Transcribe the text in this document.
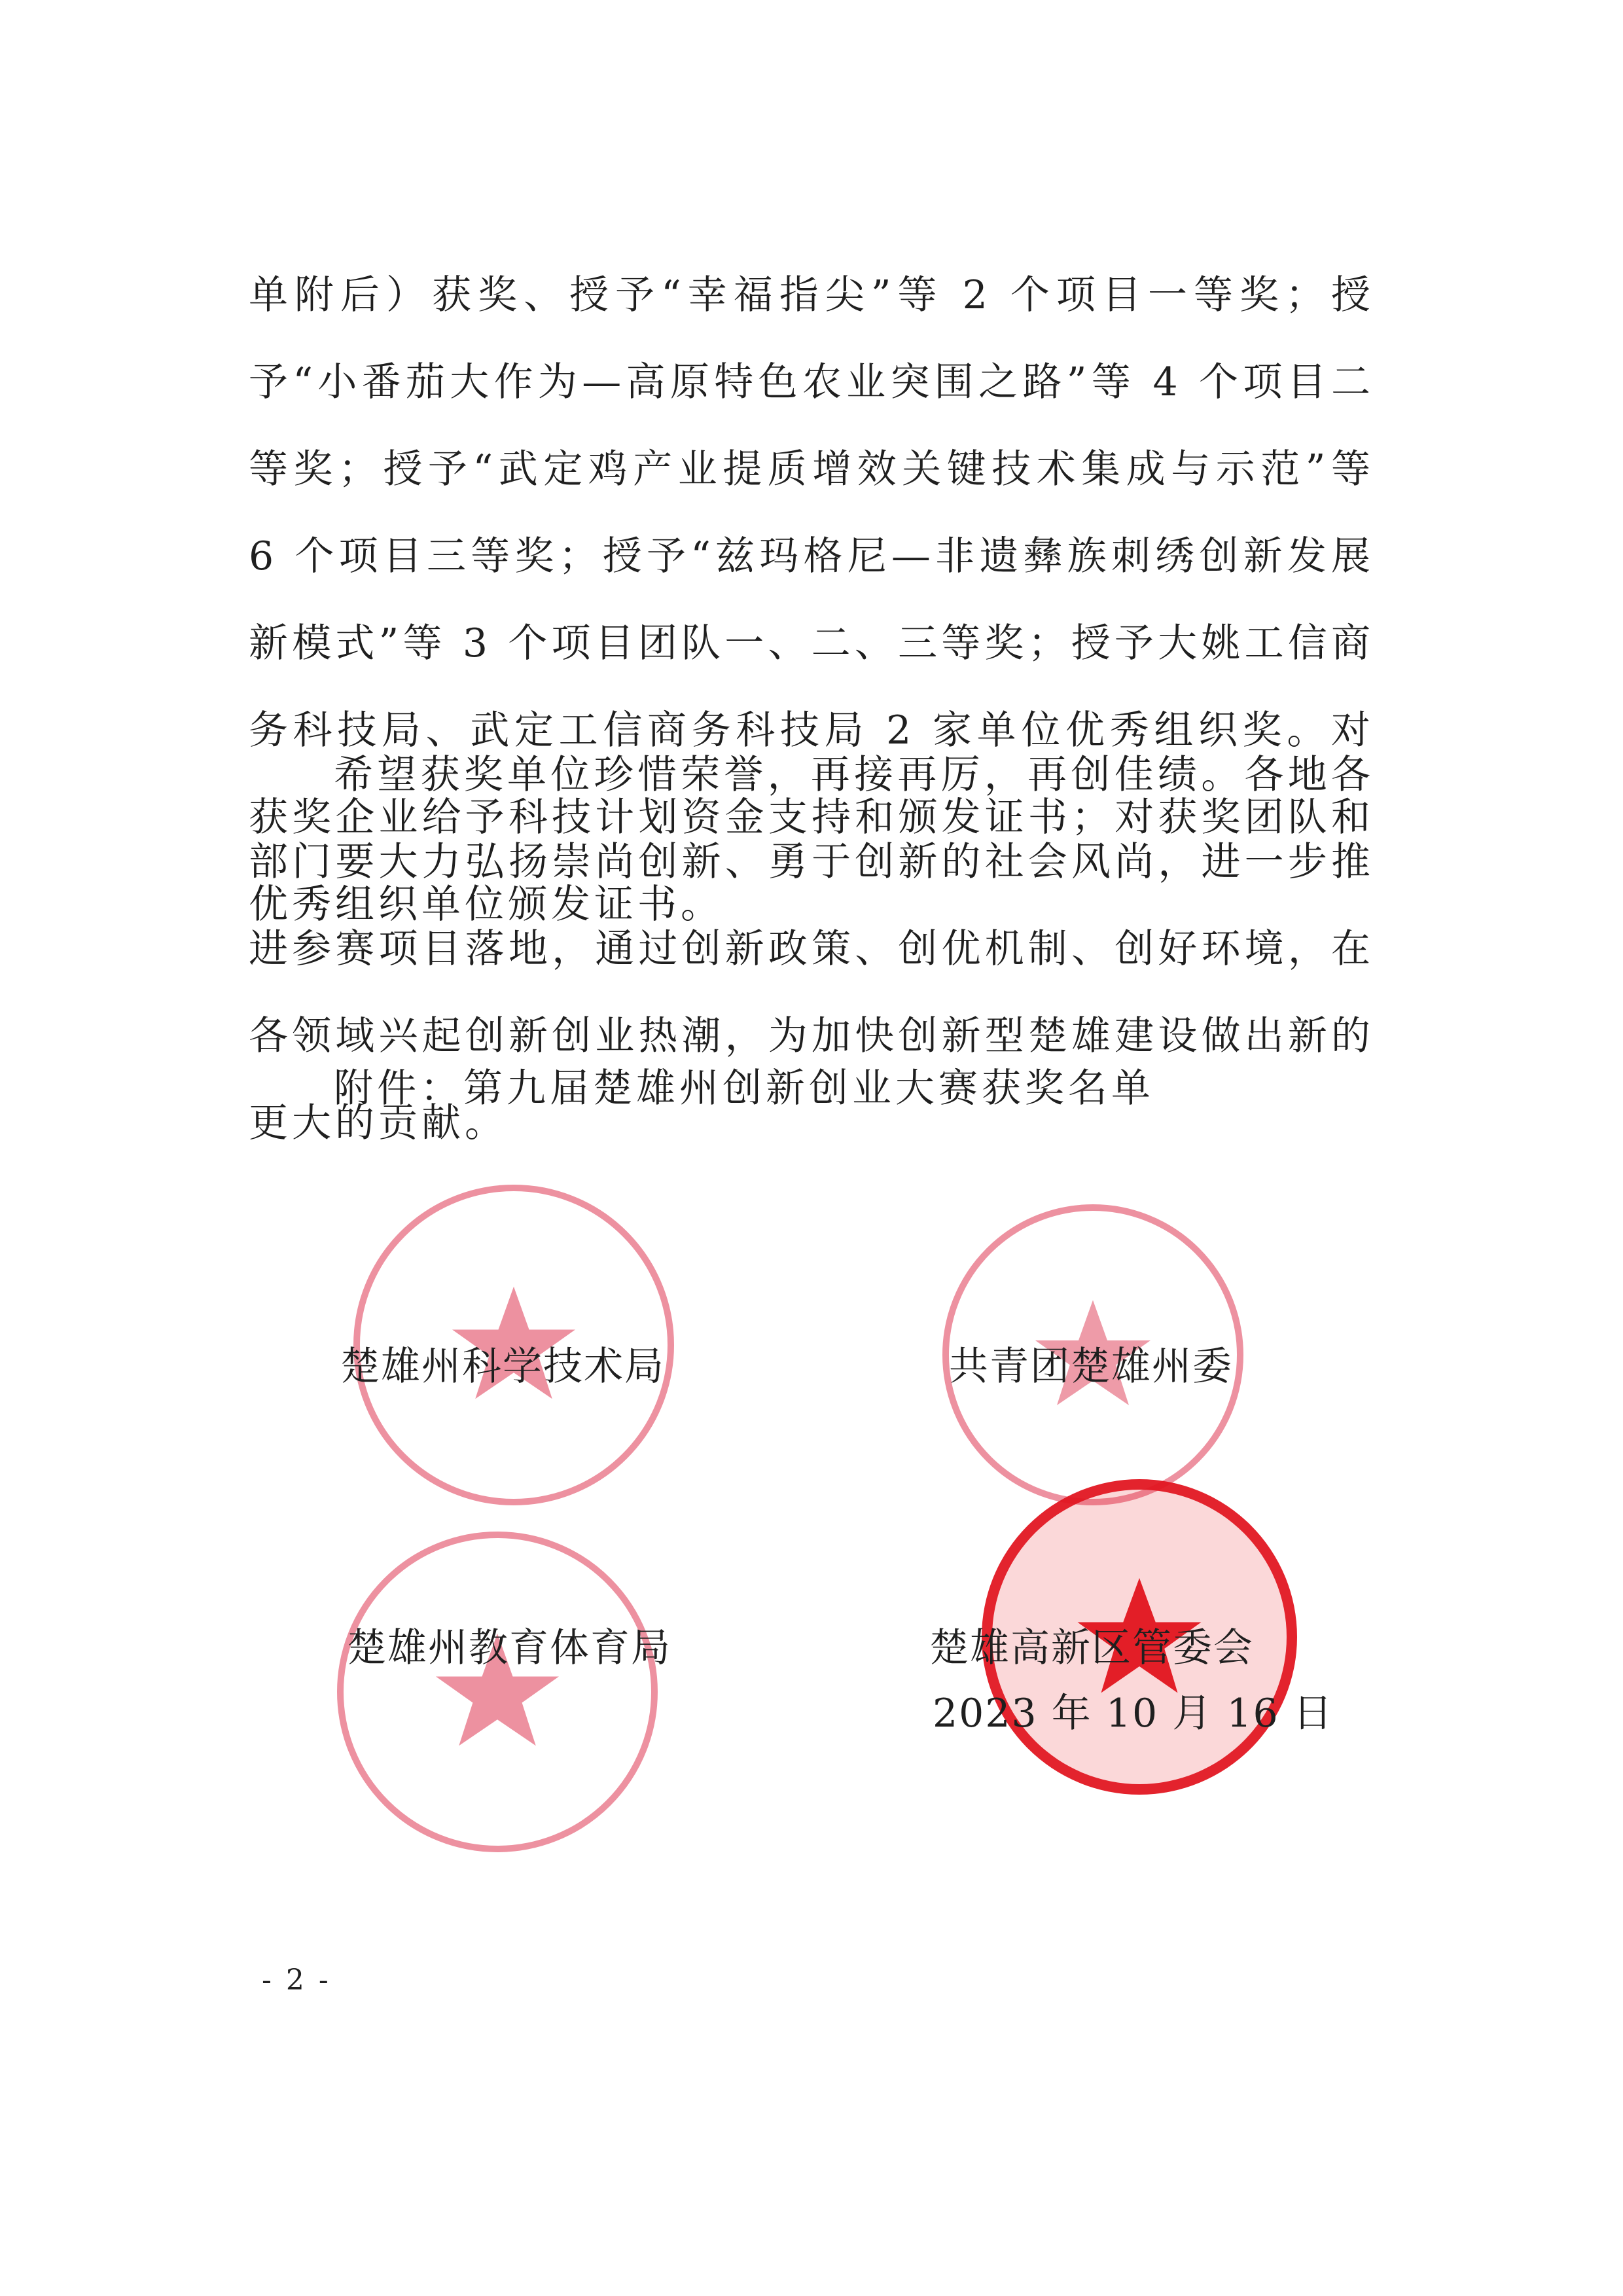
单附后）获奖、授予“幸福指尖”等 2 个项目一等奖；授予“小番茄大作为—高原特色农业突围之路”等 4 个项目二等奖；授予“武定鸡产业提质增效关键技术集成与示范”等 6 个项目三等奖；授予“兹玛格尼—非遗彝族刺绣创新发展新模式”等 3 个项目团队一、二、三等奖；授予大姚工信商务科技局、武定工信商务科技局 2 家单位优秀组织奖。对获奖企业给予科技计划资金支持和颁发证书；对获奖团队和优秀组织单位颁发证书。

希望获奖单位珍惜荣誉，再接再厉，再创佳绩。各地各部门要大力弘扬崇尚创新、勇于创新的社会风尚，进一步推进参赛项目落地，通过创新政策、创优机制、创好环境，在各领域兴起创新创业热潮，为加快创新型楚雄建设做出新的更大的贡献。

附件：第九届楚雄州创新创业大赛获奖名单

楚雄州科学技术局	共青团楚雄州委
楚雄州教育体育局	楚雄高新区管委会
2023 年 10 月 16 日
- 2 -
